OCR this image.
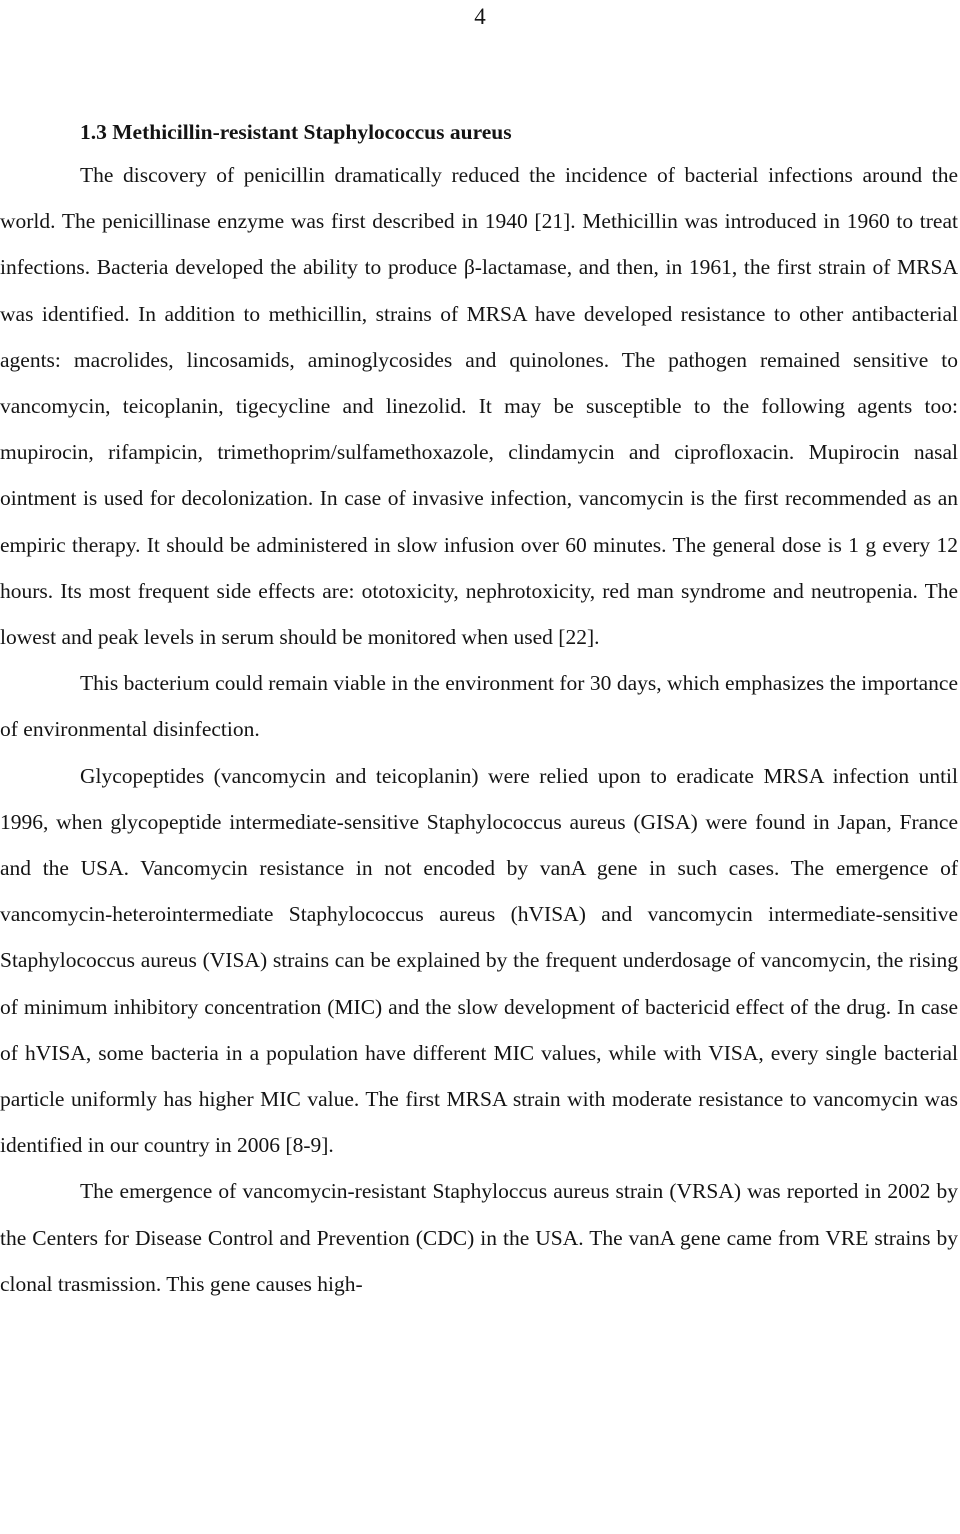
4
1.3 Methicillin-resistant Staphylococcus aureus

The discovery of penicillin dramatically reduced the incidence of bacterial infections around the world. The penicillinase enzyme was first described in 1940 [21]. Methicillin was introduced in 1960 to treat infections. Bacteria developed the ability to produce β-lactamase, and then, in 1961, the first strain of MRSA was identified. In addition to methicillin, strains of MRSA have developed resistance to other antibacterial agents: macrolides, lincosamids, aminoglycosides and quinolones. The pathogen remained sensitive to vancomycin, teicoplanin, tigecycline and linezolid. It may be susceptible to the following agents too: mupirocin, rifampicin, trimethoprim/sulfamethoxazole, clindamycin and ciprofloxacin. Mupirocin nasal ointment is used for decolonization. In case of invasive infection, vancomycin is the first recommended as an empiric therapy. It should be administered in slow infusion over 60 minutes. The general dose is 1 g every 12 hours. Its most frequent side effects are: ototoxicity, nephrotoxicity, red man syndrome and neutropenia. The lowest and peak levels in serum should be monitored when used [22].

This bacterium could remain viable in the environment for 30 days, which emphasizes the importance of environmental disinfection.

Glycopeptides (vancomycin and teicoplanin) were relied upon to eradicate MRSA infection until 1996, when glycopeptide intermediate-sensitive Staphylococcus aureus (GISA) were found in Japan, France and the USA. Vancomycin resistance in not encoded by vanA gene in such cases. The emergence of vancomycin-heterointermediate Staphylococcus aureus (hVISA) and vancomycin intermediate-sensitive Staphylococcus aureus (VISA) strains can be explained by the frequent underdosage of vancomycin, the rising of minimum inhibitory concentration (MIC) and the slow development of bactericid effect of the drug. In case of hVISA, some bacteria in a population have different MIC values, while with VISA, every single bacterial particle uniformly has higher MIC value. The first MRSA strain with moderate resistance to vancomycin was identified in our country in 2006 [8-9].

The emergence of vancomycin-resistant Staphyloccus aureus strain (VRSA) was reported in 2002 by the Centers for Disease Control and Prevention (CDC) in the USA. The vanA gene came from VRE strains by clonal trasmission. This gene causes high-
